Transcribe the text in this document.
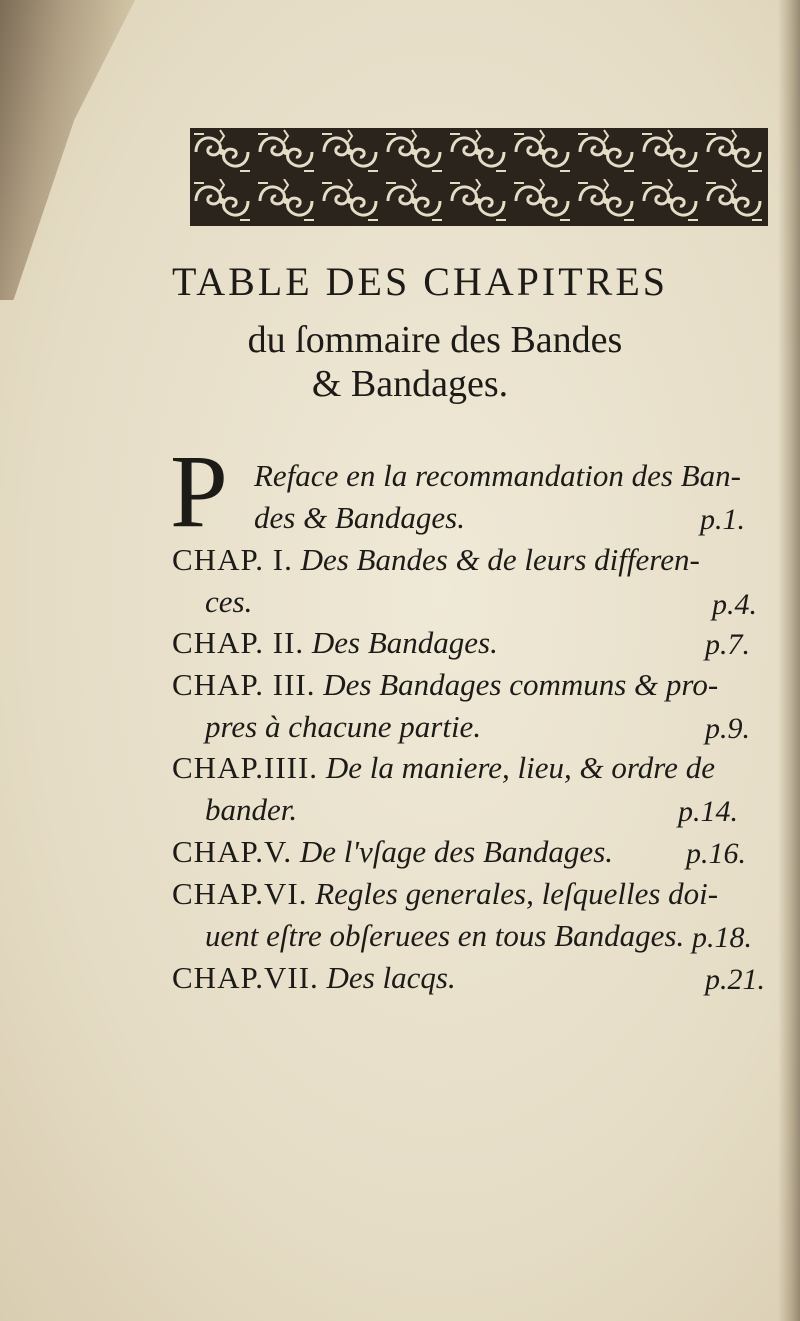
TABLE DES CHAPITRES
du ſommaire des Bandes
& Bandages.
P Reface en la recommandation des Ban-
des & Bandages.	p.1.
CHAP. I. Des Bandes & de leurs differen-
ces.	p.4.
CHAP. II. Des Bandages.	p.7.
CHAP. III. Des Bandages communs & pro-
pres à chacune partie.	p.9.
CHAP.IIII. De la maniere, lieu, & ordre de
bander.	p.14.
CHAP.V. De l'vſage des Bandages. p.16.
CHAP.VI. Regles generales, leſquelles doi-
uent eſtre obſeruees en tous Bandages. p.18.
CHAP.VII. Des lacqs.	p.21.
